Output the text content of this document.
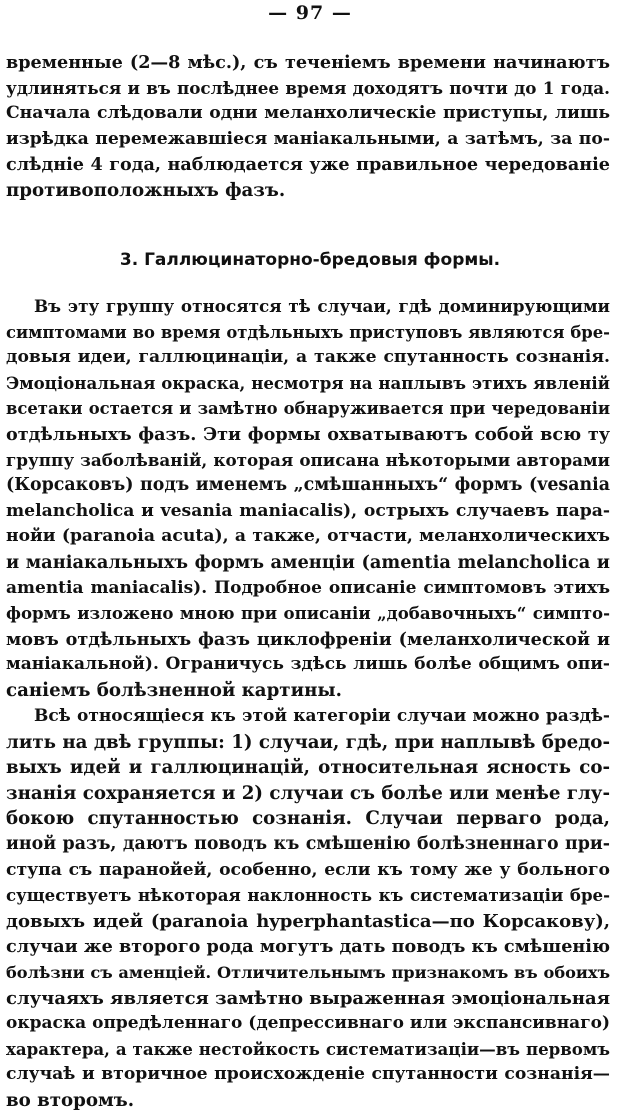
— 97 —
временные (2—8 мѣс.), съ теченiемъ времени начинаютъ
удлиняться и въ послѣднее время доходятъ почти до 1 года.
Сначала слѣдовали одни меланхолическiе приступы, лишь
изрѣдка перемежавшiеся манiакальными, а затѣмъ, за по-
слѣднiе 4 года, наблюдается уже правильное чередованiе
противоположныхъ фазъ.
3. Галлюцинаторно-бредовыя формы.
Въ эту группу относятся тѣ случаи, гдѣ доминирующими
симптомами во время отдѣльныхъ приступовъ являются бре-
довыя идеи, галлюцинацiи, а также спутанность сознанiя.
Эмоцiональная окраска, несмотря на наплывъ этихъ явленiй
всетаки остается и замѣтно обнаруживается при чередованiи
отдѣльныхъ фазъ. Эти формы охватываютъ собой всю ту
группу заболѣванiй, которая описана нѣкоторыми авторами
(Корсаковъ) подъ именемъ „смѣшанныхъ“ формъ (vesania
melancholica и vesania maniacalis), острыхъ случаевъ пара-
нойи (paranoia acuta), а также, отчасти, меланхолическихъ
и манiакальныхъ формъ аменцiи (amentia melancholica и
amentia maniacalis). Подробное описанiе симптомовъ этихъ
формъ изложено мною при описанiи „добавочныхъ“ симпто-
мовъ отдѣльныхъ фазъ циклофренiи (меланхолической и
манiакальной). Ограничусь здѣсь лишь болѣе общимъ опи-
санiемъ болѣзненной картины.
Всѣ относящiеся къ этой категорiи случаи можно раздѣ-
лить на двѣ группы: 1) случаи, гдѣ, при наплывѣ бредо-
выхъ идей и галлюцинацiй, относительная ясность со-
знанiя сохраняется и 2) случаи съ болѣе или менѣе глу-
бокою спутанностью сознанiя. Случаи перваго рода,
иной разъ, даютъ поводъ къ смѣшенiю болѣзненнаго при-
ступа съ паранойей, особенно, если къ тому же у больного
существуетъ нѣкоторая наклонность къ систематизацiи бре-
довыхъ идей (paranoia hyperphantastica—по Корсакову),
случаи же второго рода могутъ дать поводъ къ смѣшенiю
болѣзни съ аменцiей. Отличительнымъ признакомъ въ обоихъ
случаяхъ является замѣтно выраженная эмоцiональная
окраска опредѣленнаго (депрессивнаго или экспансивнаго)
характера, а также нестойкость систематизацiи—въ первомъ
случаѣ и вторичное происхожденiе спутанности сознанiя—
во второмъ.
